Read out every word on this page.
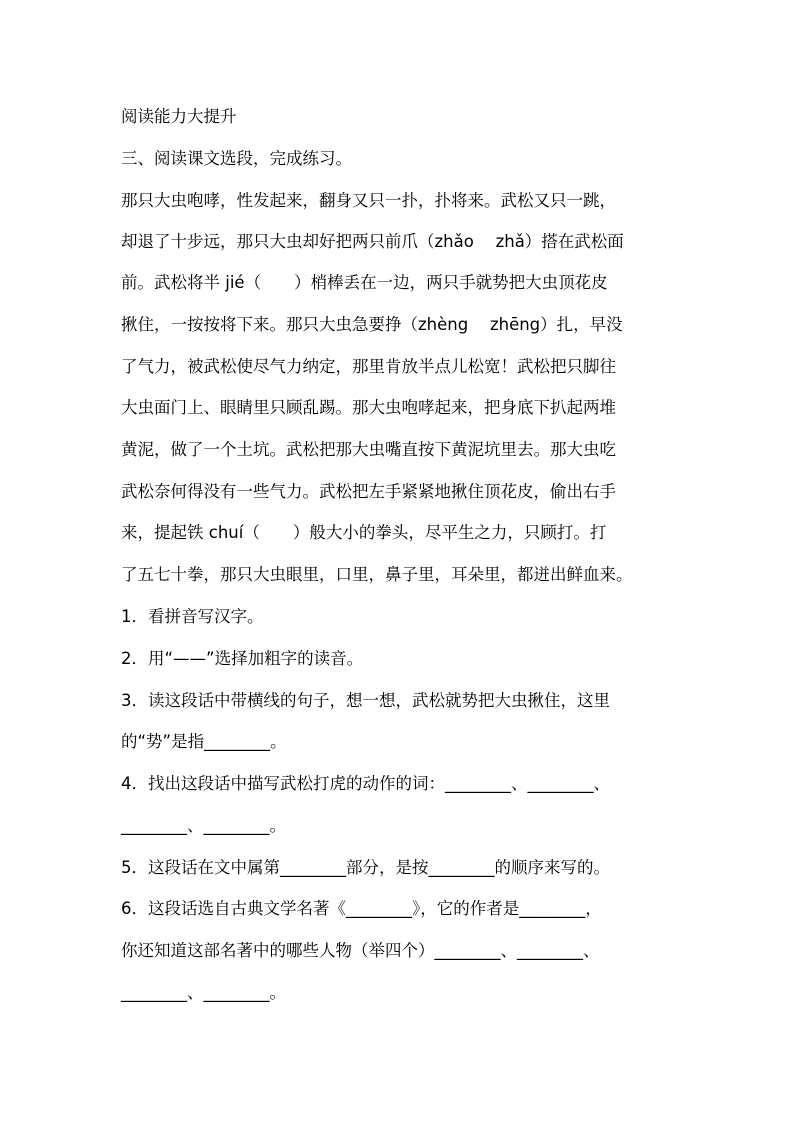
阅读能力大提升
三、阅读课文选段，完成练习。
那只大虫咆哮，性发起来，翻身又只一扑，扑将来。武松又只一跳，
却退了十步远，那只大虫却好把两只前爪（zhǎo　 zhǎ）搭在武松面
前。武松将半 jié（　　）梢棒丢在一边，两只手就势把大虫顶花皮
揪住，一按按将下来。那只大虫急要挣（zhèng　 zhēng）扎，早没
了气力，被武松使尽气力纳定，那里肯放半点儿松宽！武松把只脚往
大虫面门上、眼睛里只顾乱踢。那大虫咆哮起来，把身底下扒起两堆
黄泥，做了一个土坑。武松把那大虫嘴直按下黄泥坑里去。那大虫吃
武松奈何得没有一些气力。武松把左手紧紧地揪住顶花皮，偷出右手
来，提起铁 chuí（　　）般大小的拳头，尽平生之力，只顾打。打
了五七十拳，那只大虫眼里，口里，鼻子里，耳朵里，都迸出鲜血来。
1．看拼音写汉字。
2．用“——”选择加粗字的读音。
3．读这段话中带横线的句子，想一想，武松就势把大虫揪住，这里
的“势”是指________。
4．找出这段话中描写武松打虎的动作的词：________、________、
________、________。
5．这段话在文中属第________部分，是按________的顺序来写的。
6．这段话选自古典文学名著《________》，它的作者是________，
你还知道这部名著中的哪些人物（举四个）________、________、
________、________。
